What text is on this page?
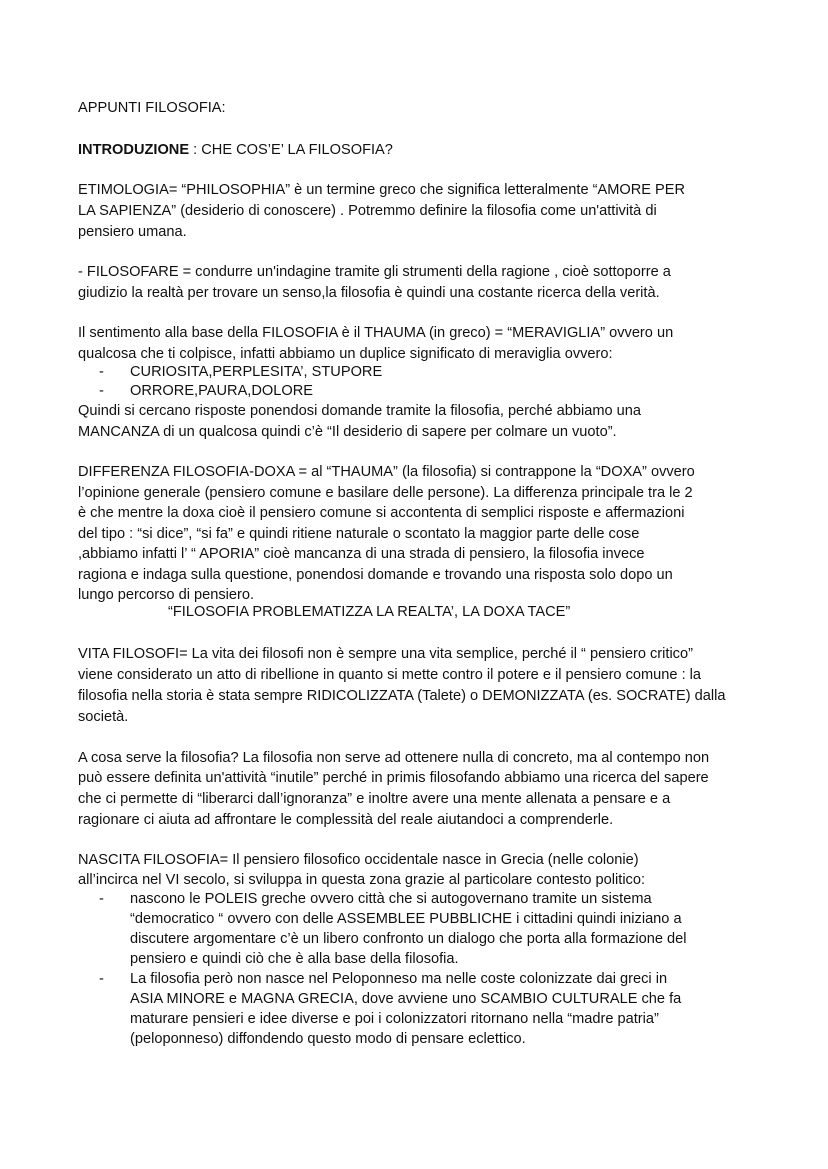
APPUNTI FILOSOFIA:
INTRODUZIONE : CHE COS’E’ LA FILOSOFIA?
ETIMOLOGIA= “PHILOSOPHIA” è un termine greco che significa letteralmente “AMORE PER
LA SAPIENZA” (desiderio di conoscere) . Potremmo definire la filosofia come un'attività di
pensiero umana.
- FILOSOFARE = condurre un'indagine tramite gli strumenti della ragione , cioè sottoporre a
giudizio la realtà per trovare un senso,la filosofia è quindi una costante ricerca della verità.
Il sentimento alla base della FILOSOFIA è il THAUMA (in greco) = “MERAVIGLIA” ovvero un
qualcosa che ti colpisce, infatti abbiamo un duplice significato di meraviglia ovvero:
- CURIOSITA,PERPLESITA’, STUPORE
- ORRORE,PAURA,DOLORE
Quindi si cercano risposte ponendosi domande tramite la filosofia, perché abbiamo una
MANCANZA di un qualcosa quindi c’è “Il desiderio di sapere per colmare un vuoto”.
DIFFERENZA FILOSOFIA-DOXA = al “THAUMA” (la filosofia) si contrappone la “DOXA” ovvero
l’opinione generale (pensiero comune e basilare delle persone). La differenza principale tra le 2
è che mentre la doxa cioè il pensiero comune si accontenta di semplici risposte e affermazioni
del tipo : “si dice”, “si fa” e quindi ritiene naturale o scontato la maggior parte delle cose
,abbiamo infatti l’ “ APORIA” cioè mancanza di una strada di pensiero, la filosofia invece
ragiona e indaga sulla questione, ponendosi domande e trovando una risposta solo dopo un
lungo percorso di pensiero.
“FILOSOFIA PROBLEMATIZZA LA REALTA’, LA DOXA TACE”
VITA FILOSOFI= La vita dei filosofi non è sempre una vita semplice, perché il “ pensiero critico”
viene considerato un atto di ribellione in quanto si mette contro il potere e il pensiero comune : la
filosofia nella storia è stata sempre RIDICOLIZZATA (Talete) o DEMONIZZATA (es. SOCRATE) dalla
società.
A cosa serve la filosofia? La filosofia non serve ad ottenere nulla di concreto, ma al contempo non
può essere definita un'attività “inutile” perché in primis filosofando abbiamo una ricerca del sapere
che ci permette di “liberarci dall’ignoranza” e inoltre avere una mente allenata a pensare e a
ragionare ci aiuta ad affrontare le complessità del reale aiutandoci a comprenderle.
NASCITA FILOSOFIA= Il pensiero filosofico occidentale nasce in Grecia (nelle colonie)
all’incirca nel VI secolo, si sviluppa in questa zona grazie al particolare contesto politico:
- nascono le POLEIS greche ovvero città che si autogovernano tramite un sistema
“democratico “ ovvero con delle ASSEMBLEE PUBBLICHE i cittadini quindi iniziano a
discutere argomentare c’è un libero confronto un dialogo che porta alla formazione del
pensiero e quindi ciò che è alla base della filosofia.
- La filosofia però non nasce nel Peloponneso ma nelle coste colonizzate dai greci in
ASIA MINORE e MAGNA GRECIA, dove avviene uno SCAMBIO CULTURALE che fa
maturare pensieri e idee diverse e poi i colonizzatori ritornano nella “madre patria”
(peloponneso) diffondendo questo modo di pensare eclettico.
